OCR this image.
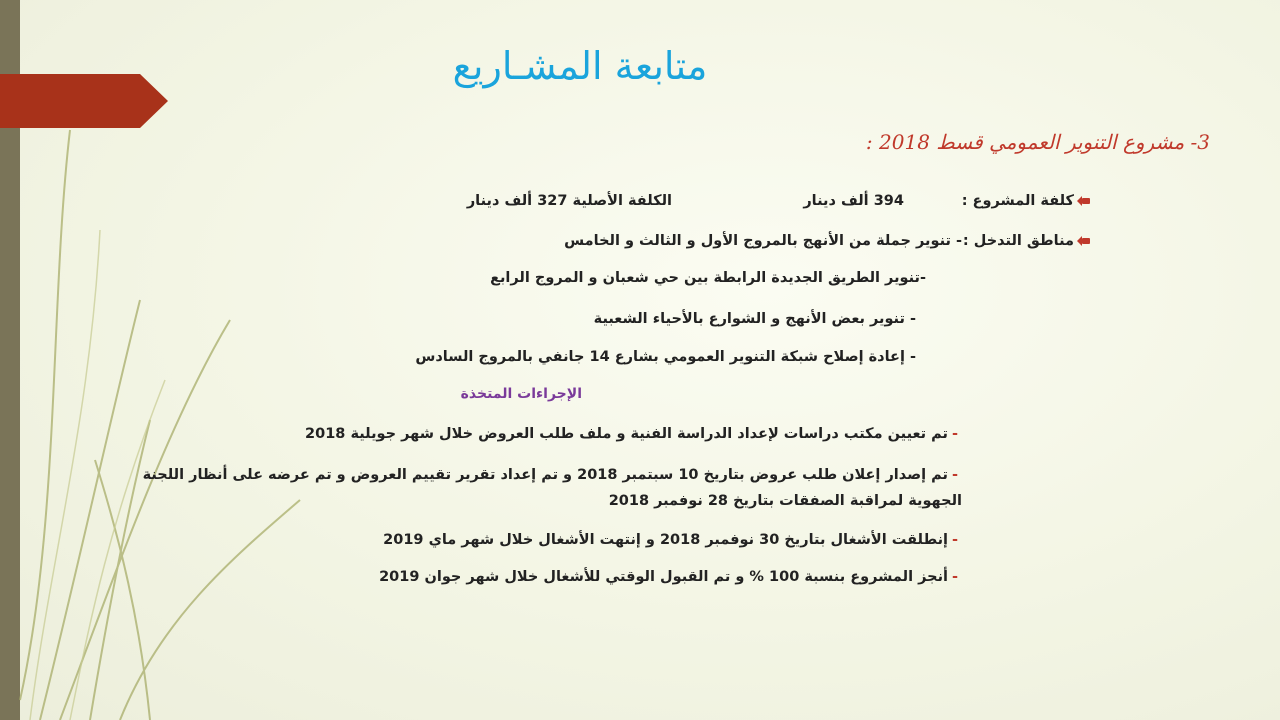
متابعة المشـاريع
3- مشروع التنوير العمومي قسط 2018 :
كلفة المشروع :
394 ألف دينار
الكلفة الأصلية 327 ألف دينار
مناطق التدخل :
- تنوير جملة من الأنهج بالمروج الأول و الثالث و الخامس
-تنوير الطريق الجديدة الرابطة بين حي شعبان و المروج الرابع
- تنوير بعض الأنهج و الشوارع بالأحياء الشعبية
- إعادة إصلاح شبكة التنوير العمومي بشارع 14 جانفي بالمروج السادس
الإجراءات المتخذة
-تم تعيين مكتب دراسات لإعداد الدراسة الفنية و ملف طلب العروض خلال شهر جويلية 2018
-تم إصدار إعلان طلب عروض بتاريخ 10 سبتمبر 2018 و تم إعداد تقرير تقييم العروض و تم عرضه على أنظار اللجنة الجهوية لمراقبة الصفقات بتاريخ 28 نوفمبر 2018
-إنطلقت الأشغال بتاريخ 30 نوفمبر 2018 و إنتهت الأشغال خلال شهر ماي 2019
-أنجز المشروع بنسبة 100 % و تم القبول الوقتي للأشغال خلال شهر جوان 2019
